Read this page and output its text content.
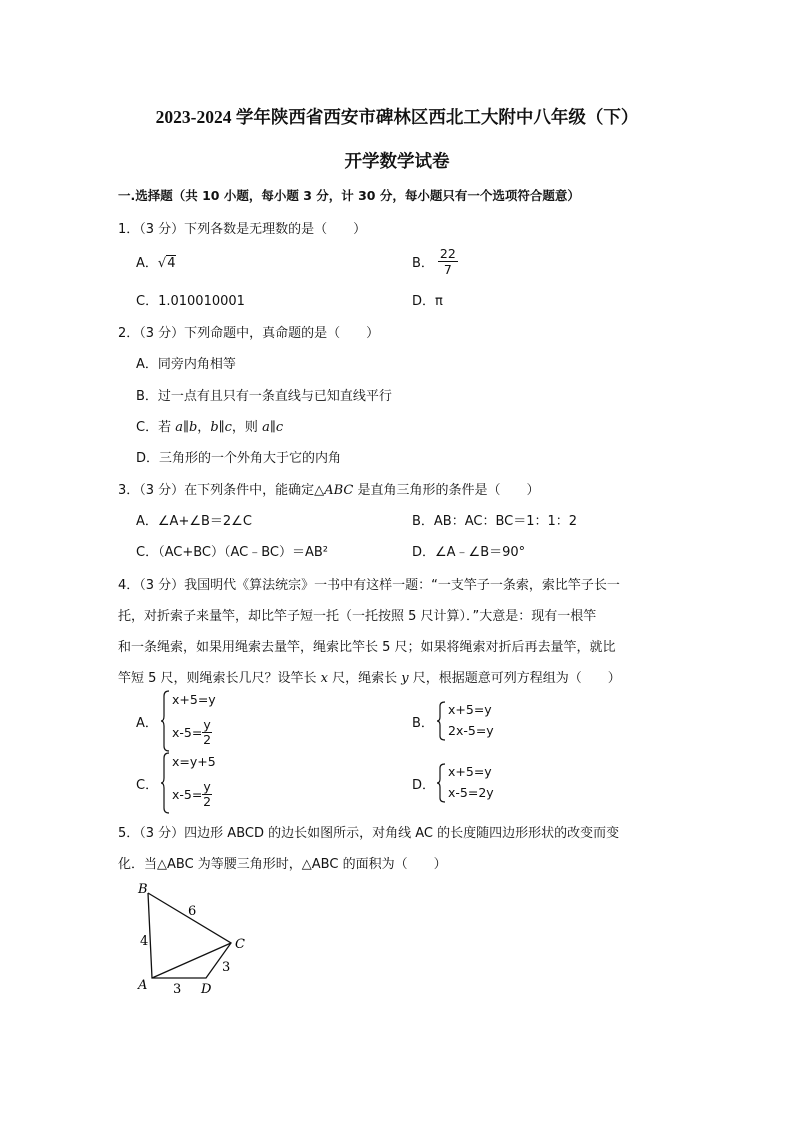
2023-2024 学年陕西省西安市碑林区西北工大附中八年级（下）
开学数学试卷
一.选择题（共 10 小题，每小题 3 分，计 30 分，每小题只有一个选项符合题意）
1．（3 分）下列各数是无理数的是（　　）
A．√4	B． $\frac{22}{7}$
C．1.010010001	D．π
2．（3 分）下列命题中，真命题的是（　　）
A．同旁内角相等
B．过一点有且只有一条直线与已知直线平行
C．若 a∥b，b∥c，则 a∥c
D．三角形的一个外角大于它的内角
3．（3 分）在下列条件中，能确定△ABC 是直角三角形的条件是（　　）
A．∠A+∠B＝2∠C	B．AB：AC：BC＝1：1：2
C．（AC+BC）（AC﹣BC）＝AB²	D．∠A﹣∠B＝90°
4．（3 分）我国明代《算法统宗》一书中有这样一题：“一支竿子一条索，索比竿子长一
托，对折索子来量竿，却比竿子短一托（一托按照 5 尺计算）．”大意是：现有一根竿
和一条绳索，如果用绳索去量竿，绳索比竿长 5 尺；如果将绳索对折后再去量竿，就比
竿短 5 尺，则绳索长几尺？设竿长 x 尺，绳索长 y 尺，根据题意可列方程组为（　　）
A．
x+5=y
$x-5= \frac{y}{2}$	B．
x+5=y
2x-5=y
C．
x=y+5
$x-5= \frac{y}{2}$	D．
x+5=y
x-5=2y
5．（3 分）四边形 ABCD 的边长如图所示，对角线 AC 的长度随四边形形状的改变而变
化．当△ABC 为等腰三角形时，△ABC 的面积为（　　）
B
C
A	D
4
6
3
3
